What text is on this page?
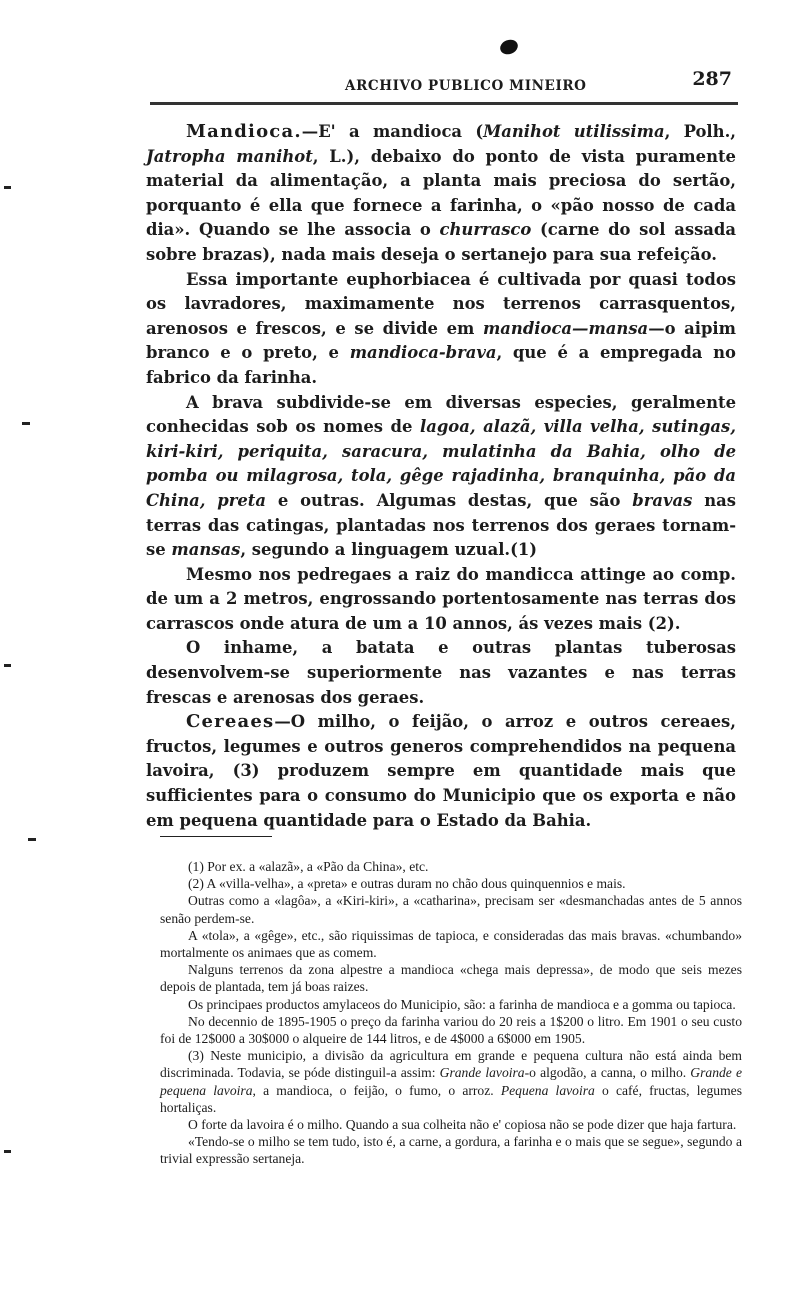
ARCHIVO PUBLICO MINEIRO	287

Mandioca.—E' a mandioca (Manihot utilissima, Polh., Jatropha manihot, L.), debaixo do ponto de vista puramente material da alimentação, a planta mais preciosa do sertão, porquanto é ella que fornece a farinha, o «pão nosso de cada dia». Quando se lhe associa o churrasco (carne do sol assada sobre brazas), nada mais deseja o sertanejo para sua refeição.

Essa importante euphorbiacea é cultivada por quasi todos os lavradores, maximamente nos terrenos carrasquentos, arenosos e frescos, e se divide em mandioca—mansa—o aipim branco e o preto, e mandioca-brava, que é a empregada no fabrico da farinha.

A brava subdivide-se em diversas especies, geralmente conhecidas sob os nomes de lagoa, alazã, villa velha, sutingas, kiri-kiri, periquita, saracura, mulatinha da Bahia, olho de pomba ou milagrosa, tola, gêge rajadinha, branquinha, pão da China, preta e outras. Algumas destas, que são bravas nas terras das catingas, plantadas nos terrenos dos geraes tornam-se mansas, segundo a linguagem uzual.(1)

Mesmo nos pedregaes a raiz do mandicca attinge ao comp. de um a 2 metros, engrossando portentosamente nas terras dos carrascos onde atura de um a 10 annos, ás vezes mais (2).

O inhame, a batata e outras plantas tuberosas desenvolvem-se superiormente nas vazantes e nas terras frescas e arenosas dos geraes.

Cereaes—O milho, o feijão, o arroz e outros cereaes, fructos, legumes e outros generos comprehendidos na pequena lavoira, (3) produzem sempre em quantidade mais que sufficientes para o consumo do Municipio que os exporta e não em pequena quantidade para o Estado da Bahia.

(1) Por ex. a «alazã», a «Pão da China», etc.

(2) A «villa-velha», a «preta» e outras duram no chão dous quinquennios e mais.

Outras como a «lagôa», a «Kiri-kiri», a «catharina», precisam ser «desmanchadas antes de 5 annos senão perdem-se.

A «tola», a «gêge», etc., são riquissimas de tapioca, e consideradas das mais bravas. «chumbando» mortalmente os animaes que as comem.

Nalguns terrenos da zona alpestre a mandioca «chega mais depressa», de modo que seis mezes depois de plantada, tem já boas raizes.

Os principaes productos amylaceos do Municipio, são: a farinha de mandioca e a gomma ou tapioca.

No decennio de 1895-1905 o preço da farinha variou do 20 reis a 1$200 o litro. Em 1901 o seu custo foi de 12$000 a 30$000 o alqueire de 144 litros, e de 4$000 a 6$000 em 1905.

(3) Neste municipio, a divisão da agricultura em grande e pequena cultura não está ainda bem discriminada. Todavia, se póde distinguil-a assim: Grande lavoira-o algodão, a canna, o milho. Grande e pequena lavoira, a mandioca, o feijão, o fumo, o arroz. Pequena lavoira o café, fructas, legumes hortaliças.

O forte da lavoira é o milho. Quando a sua colheita não e' copiosa não se pode dizer que haja fartura.

«Tendo-se o milho se tem tudo, isto é, a carne, a gordura, a farinha e o mais que se segue», segundo a trivial expressão sertaneja.
